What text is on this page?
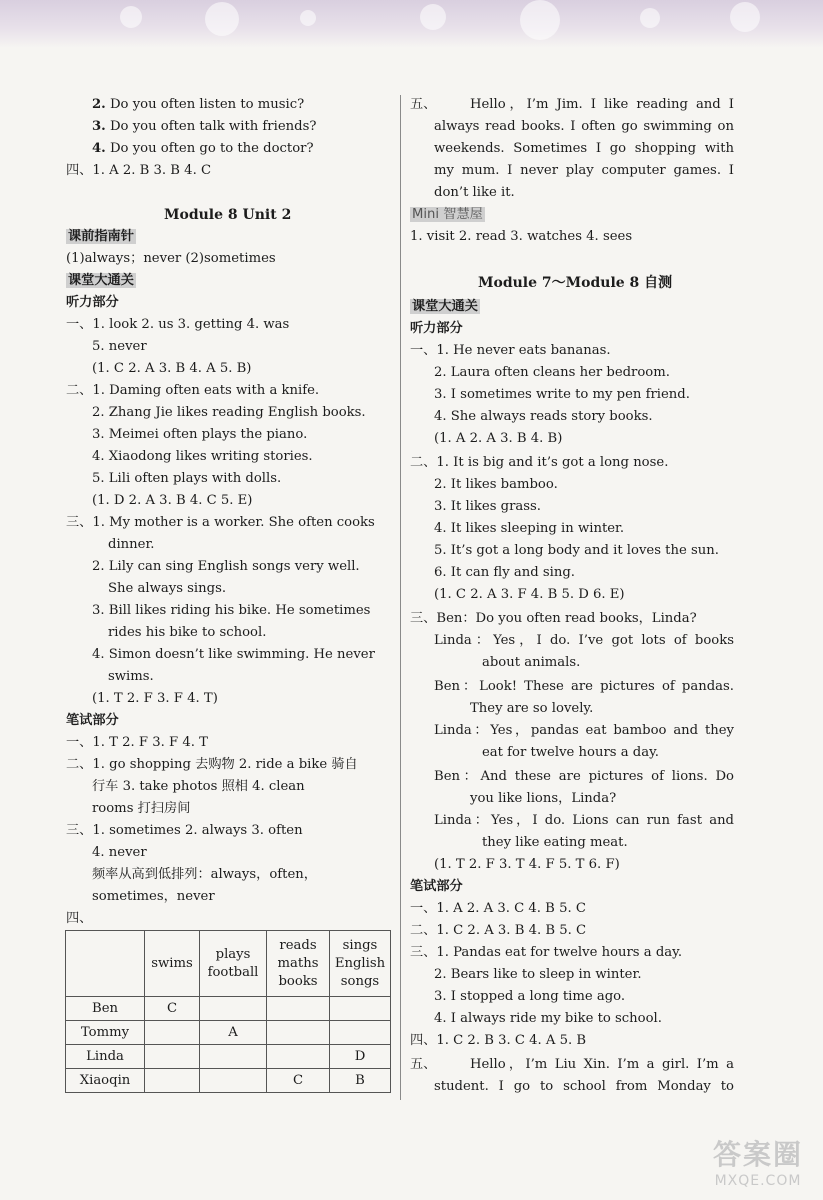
2. Do you often listen to music?
3. Do you often talk with friends?
4. Do you often go to the doctor?
四、1. A 2. B 3. B 4. C
Module 8 Unit 2
课前指南针
(1)always；never (2)sometimes
课堂大通关
听力部分
一、1. look 2. us 3. getting 4. was
5. never
(1. C 2. A 3. B 4. A 5. B)
二、1. Daming often eats with a knife.
2. Zhang Jie likes reading English books.
3. Meimei often plays the piano.
4. Xiaodong likes writing stories.
5. Lili often plays with dolls.
(1. D 2. A 3. B 4. C 5. E)
三、1. My mother is a worker. She often cooks
dinner.
2. Lily can sing English songs very well.
She always sings.
3. Bill likes riding his bike. He sometimes
rides his bike to school.
4. Simon doesn’t like swimming. He never
swims.
(1. T 2. F 3. F 4. T)
笔试部分
一、1. T 2. F 3. F 4. T
二、1. go shopping 去购物 2. ride a bike 骑自
行车 3. take photos 照相 4. clean
rooms 打扫房间
三、1. sometimes 2. always 3. often
4. never
频率从高到低排列：always，often，
sometimes，never
四、
	swims	plays football	reads maths books	sings English songs
Ben	C			
Tommy		A		
Linda				D
Xiaoqin			C	B
五、	Hello，I’m Jim. I like reading and I
always read books. I often go swimming on
weekends. Sometimes I go shopping with
my mum. I never play computer games. I
don’t like it.
Mini 智慧屋
1. visit 2. read 3. watches 4. sees
Module 7～Module 8 自测
课堂大通关
听力部分
一、1. He never eats bananas.
2. Laura often cleans her bedroom.
3. I sometimes write to my pen friend.
4. She always reads story books.
(1. A 2. A 3. B 4. B)
二、1. It is big and it’s got a long nose.
2. It likes bamboo.
3. It likes grass.
4. It likes sleeping in winter.
5. It’s got a long body and it loves the sun.
6. It can fly and sing.
(1. C 2. A 3. F 4. B 5. D 6. E)
三、Ben：Do you often read books，Linda?
Linda：Yes，I do. I’ve got lots of books
about animals.
Ben：Look! These are pictures of pandas.
They are so lovely.
Linda：Yes，pandas eat bamboo and they
eat for twelve hours a day.
Ben：And these are pictures of lions. Do
you like lions，Linda?
Linda：Yes，I do. Lions can run fast and
they like eating meat.
(1. T 2. F 3. T 4. F 5. T 6. F)
笔试部分
一、1. A 2. A 3. C 4. B 5. C
二、1. C 2. A 3. B 4. B 5. C
三、1. Pandas eat for twelve hours a day.
2. Bears like to sleep in winter.
3. I stopped a long time ago.
4. I always ride my bike to school.
四、1. C 2. B 3. C 4. A 5. B
五、	Hello，I’m Liu Xin. I’m a girl. I’m a
student. I go to school from Monday to
答案圈
MXQE.COM
